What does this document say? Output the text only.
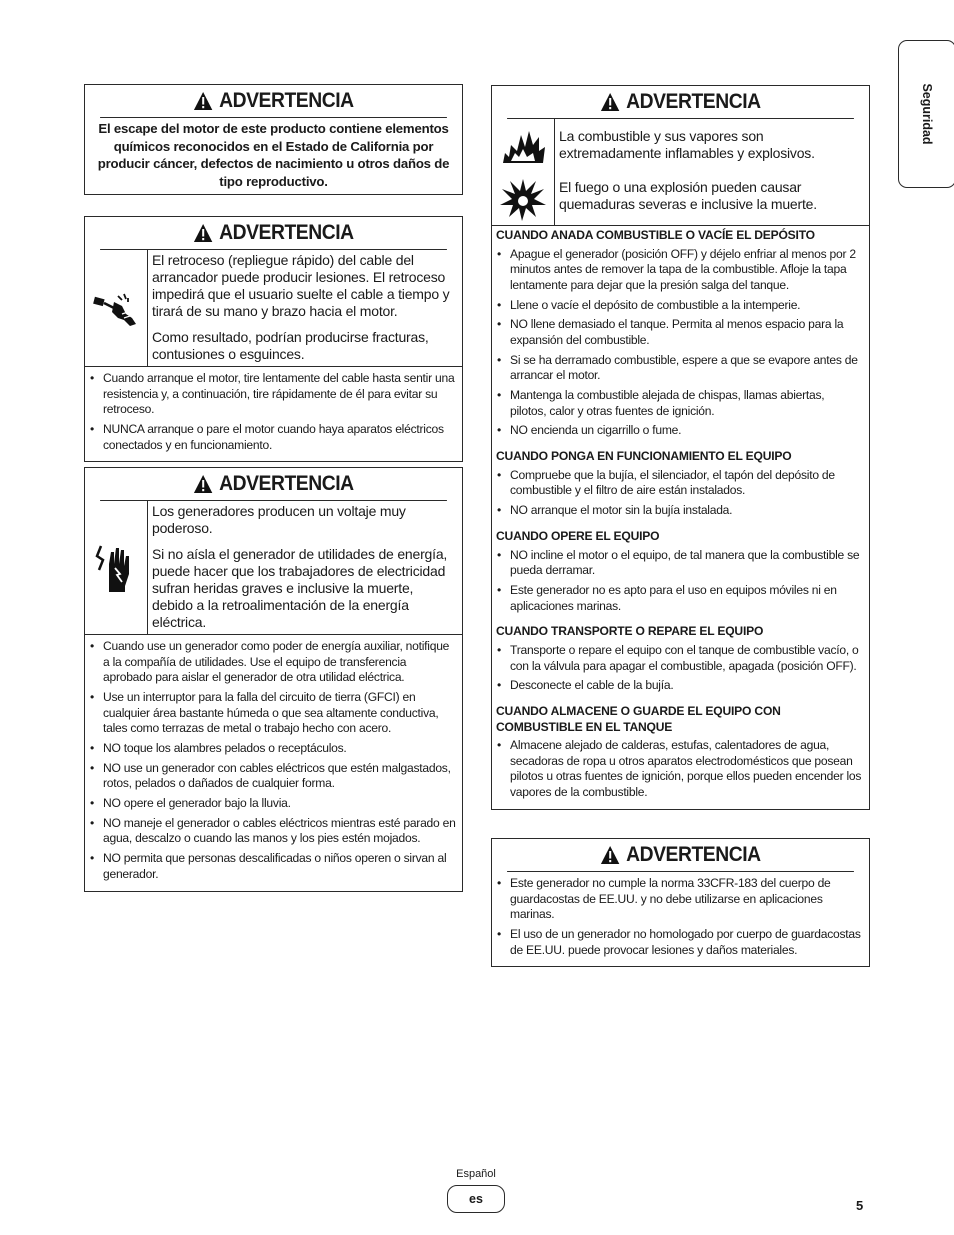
Seguridad
ADVERTENCIA
El escape del motor de este producto contiene elementos químicos reconocidos en el Estado de California por producir cáncer, defectos de nacimiento u otros daños de tipo reproductivo.
ADVERTENCIA

El retroceso (repliegue rápido) del cable del arrancador puede producir lesiones. El retroceso impedirá que el usuario suelte el cable a tiempo y tirará de su mano y brazo hacia el motor.

Como resultado, podrían producirse fracturas, contusiones o esguinces.

• Cuando arranque el motor, tire lentamente del cable hasta sentir una resistencia y, a continuación, tire rápidamente de él para evitar su retroceso.
• NUNCA arranque o pare el motor cuando haya aparatos eléctricos conectados y en funcionamiento.
ADVERTENCIA

Los generadores producen un voltaje muy poderoso.

Si no aísla el generador de utilidades de energía, puede hacer que los trabajadores de electricidad sufran heridas graves e inclusive la muerte, debido a la retroalimentación de la energía eléctrica.

• Cuando use un generador como poder de energía auxiliar, notifique a la compañía de utilidades. Use el equipo de transferencia aprobado para aislar el generador de otra utilidad eléctrica.
• Use un interruptor para la falla del circuito de tierra (GFCI) en cualquier área bastante húmeda o que sea altamente conductiva, tales como terrazas de metal o trabajo hecho con acero.
• NO toque los alambres pelados o receptáculos.
• NO use un generador con cables eléctricos que estén malgastados, rotos, pelados o dañados de cualquier forma.
• NO opere el generador bajo la lluvia.
• NO maneje el generador o cables eléctricos mientras esté parado en agua, descalzo o cuando las manos y los pies estén mojados.
• NO permita que personas descalificadas o niños operen o sirvan al generador.
ADVERTENCIA

La combustible y sus vapores son extremadamente inflamables y explosivos.

El fuego o una explosión pueden causar quemaduras severas e inclusive la muerte.

CUANDO ANADA COMBUSTIBLE O VACÍE EL DEPÓSITO
• Apague el generador (posición OFF) y déjelo enfriar al menos por 2 minutos antes de remover la tapa de la combustible. Afloje la tapa lentamente para dejar que la presión salga del tanque.
• Llene o vacíe el depósito de combustible a la intemperie.
• NO llene demasiado el tanque. Permita al menos espacio para la expansión del combustible.
• Si se ha derramado combustible, espere a que se evapore antes de arrancar el motor.
• Mantenga la combustible alejada de chispas, llamas abiertas, pilotos, calor y otras fuentes de ignición.
• NO encienda un cigarrillo o fume.
CUANDO PONGA EN FUNCIONAMIENTO EL EQUIPO
• Compruebe que la bujía, el silenciador, el tapón del depósito de combustible y el filtro de aire están instalados.
• NO arranque el motor sin la bujía instalada.
CUANDO OPERE EL EQUIPO
• NO incline el motor o el equipo, de tal manera que la combustible se pueda derramar.
• Este generador no es apto para el uso en equipos móviles ni en aplicaciones marinas.
CUANDO TRANSPORTE O REPARE EL EQUIPO
• Transporte o repare el equipo con el tanque de combustible vacío, o con la válvula para apagar el combustible, apagada (posición OFF).
• Desconecte el cable de la bujía.
CUANDO ALMACENE O GUARDE EL EQUIPO CON COMBUSTIBLE EN EL TANQUE
• Almacene alejado de calderas, estufas, calentadores de agua, secadoras de ropa u otros aparatos electrodomésticos que posean pilotos u otras fuentes de ignición, porque ellos pueden encender los vapores de la combustible.
ADVERTENCIA
• Este generador no cumple la norma 33CFR-183 del cuerpo de guardacostas de EE.UU. y no debe utilizarse en aplicaciones marinas.
• El uso de un generador no homologado por cuerpo de guardacostas de EE.UU. puede provocar lesiones y daños materiales.
Español
es	5
